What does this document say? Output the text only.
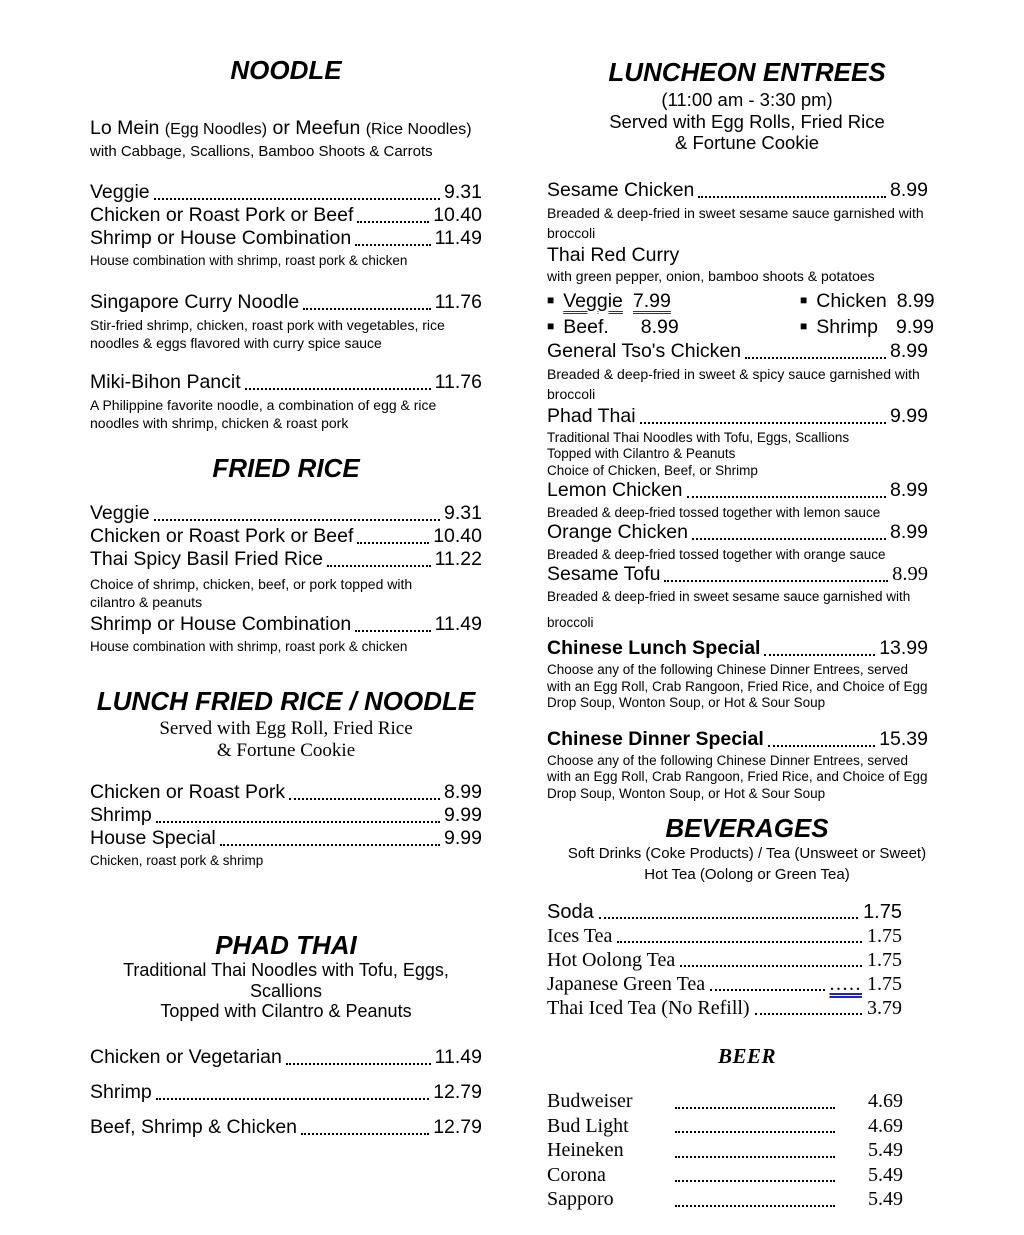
NOODLE
Lo Mein (Egg Noodles) or Meefun (Rice Noodles)
with Cabbage, Scallions, Bamboo Shoots & Carrots
Veggie	9.31
Chicken or Roast Pork or Beef	10.40
Shrimp or House Combination	11.49
House combination with shrimp, roast pork & chicken
Singapore Curry Noodle	11.76
Stir-fried shrimp, chicken, roast pork with vegetables, rice
noodles & eggs flavored with curry spice sauce
Miki-Bihon Pancit	11.76
A Philippine favorite noodle, a combination of egg & rice
noodles with shrimp, chicken & roast pork
FRIED RICE
Veggie	9.31
Chicken or Roast Pork or Beef	10.40
Thai Spicy Basil Fried Rice	11.22
Choice of shrimp, chicken, beef, or pork topped with
cilantro & peanuts
Shrimp or House Combination	11.49
House combination with shrimp, roast pork & chicken
LUNCH FRIED RICE / NOODLE
Served with Egg Roll, Fried Rice
& Fortune Cookie
Chicken or Roast Pork	8.99
Shrimp	9.99
House Special	9.99
Chicken, roast pork & shrimp
PHAD THAI
Traditional Thai Noodles with Tofu, Eggs,
Scallions
Topped with Cilantro & Peanuts
Chicken or Vegetarian	11.49
Shrimp	12.79
Beef, Shrimp & Chicken	12.79
LUNCHEON ENTREES
(11:00 am - 3:30 pm)
Served with Egg Rolls, Fried Rice
& Fortune Cookie
Sesame Chicken	8.99
Breaded & deep-fried in sweet sesame sauce garnished with
broccoli
Thai Red Curry
with green pepper, onion, bamboo shoots & potatoes
■ Veggie 7.99	■ Chicken 8.99
■ Beef. 8.99	■ Shrimp 9.99
General Tso's Chicken	8.99
Breaded & deep-fried in sweet & spicy sauce garnished with
broccoli
Phad Thai	9.99
Traditional Thai Noodles with Tofu, Eggs, Scallions
Topped with Cilantro & Peanuts
Choice of Chicken, Beef, or Shrimp
Lemon Chicken	8.99
Breaded & deep-fried tossed together with lemon sauce
Orange Chicken	8.99
Breaded & deep-fried tossed together with orange sauce
Sesame Tofu	8.99
Breaded & deep-fried in sweet sesame sauce garnished with
broccoli
Chinese Lunch Special	13.99
Choose any of the following Chinese Dinner Entrees, served
with an Egg Roll, Crab Rangoon, Fried Rice, and Choice of Egg
Drop Soup, Wonton Soup, or Hot & Sour Soup
Chinese Dinner Special	15.39
Choose any of the following Chinese Dinner Entrees, served
with an Egg Roll, Crab Rangoon, Fried Rice, and Choice of Egg
Drop Soup, Wonton Soup, or Hot & Sour Soup
BEVERAGES
Soft Drinks (Coke Products) / Tea (Unsweet or Sweet)
Hot Tea (Oolong or Green Tea)
Soda	1.75
Ices Tea	1.75
Hot Oolong Tea	1.75
Japanese Green Tea	..... 1.75
Thai Iced Tea (No Refill)	3.79
BEER
Budweiser	4.69
Bud Light	4.69
Heineken	5.49
Corona	5.49
Sapporo	5.49
